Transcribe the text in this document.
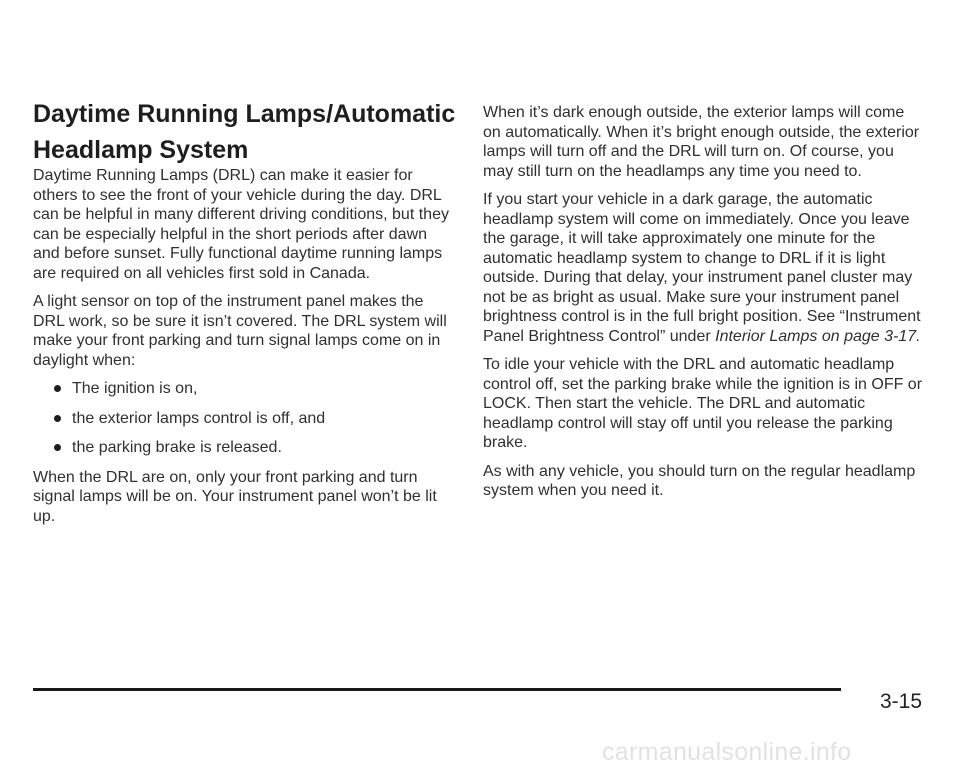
Daytime Running Lamps/Automatic
Headlamp System

Daytime Running Lamps (DRL) can make it easier for others to see the front of your vehicle during the day. DRL can be helpful in many different driving conditions, but they can be especially helpful in the short periods after dawn and before sunset. Fully functional daytime running lamps are required on all vehicles first sold in Canada.

A light sensor on top of the instrument panel makes the DRL work, so be sure it isn’t covered. The DRL system will make your front parking and turn signal lamps come on in daylight when:

The ignition is on,
the exterior lamps control is off, and
the parking brake is released.

When the DRL are on, only your front parking and turn signal lamps will be on. Your instrument panel won’t be lit up.

When it’s dark enough outside, the exterior lamps will come on automatically. When it’s bright enough outside, the exterior lamps will turn off and the DRL will turn on. Of course, you may still turn on the headlamps any time you need to.

If you start your vehicle in a dark garage, the automatic headlamp system will come on immediately. Once you leave the garage, it will take approximately one minute for the automatic headlamp system to change to DRL if it is light outside. During that delay, your instrument panel cluster may not be as bright as usual. Make sure your instrument panel brightness control is in the full bright position. See “Instrument Panel Brightness Control” under Interior Lamps on page 3-17.

To idle your vehicle with the DRL and automatic headlamp control off, set the parking brake while the ignition is in OFF or LOCK. Then start the vehicle. The DRL and automatic headlamp control will stay off until you release the parking brake.

As with any vehicle, you should turn on the regular headlamp system when you need it.

3-15
carmanualsonline.info
